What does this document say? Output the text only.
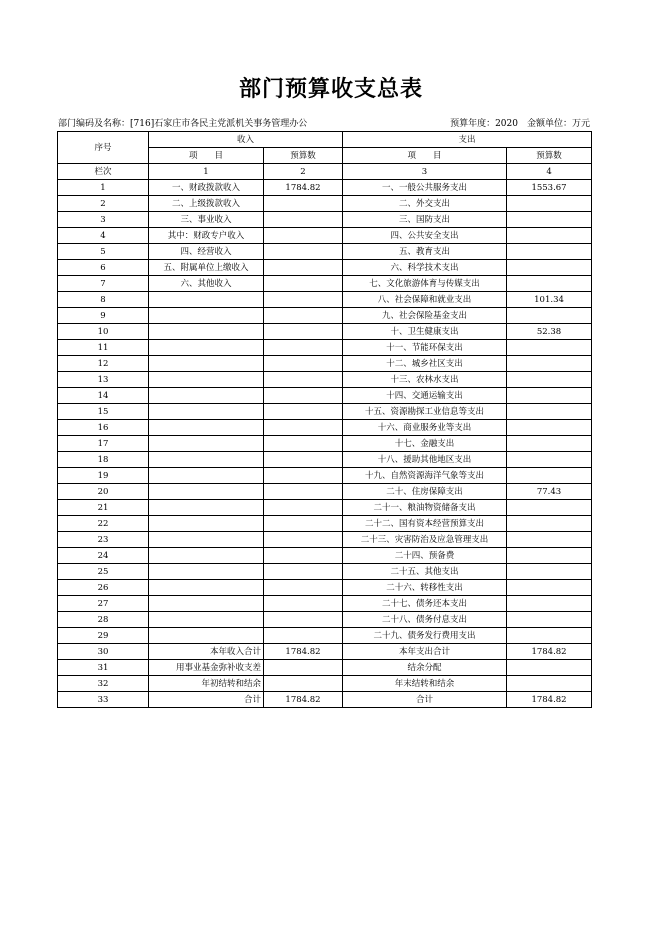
部门预算收支总表
部门编码及名称：[716]石家庄市各民主党派机关事务管理办公	预算年度：2020　 金额单位：万元
序号	收入		支出	
	项　　目	预算数	项　　目	预算数
栏次	1	2	3	4
1	一、财政拨款收入	1784.82	一、一般公共服务支出	1553.67
2	二、上级拨款收入		二、外交支出	
3	三、事业收入		三、国防支出	
4	其中：财政专户收入		四、公共安全支出	
5	四、经营收入		五、教育支出	
6	五、附属单位上缴收入		六、科学技术支出	
7	六、其他收入		七、文化旅游体育与传媒支出	
8			八、社会保障和就业支出	101.34
9			九、社会保险基金支出	
10			十、卫生健康支出	52.38
11			十一、节能环保支出	
12			十二、城乡社区支出	
13			十三、农林水支出	
14			十四、交通运输支出	
15			十五、资源勘探工业信息等支出	
16			十六、商业服务业等支出	
17			十七、金融支出	
18			十八、援助其他地区支出	
19			十九、自然资源海洋气象等支出	
20			二十、住房保障支出	77.43
21			二十一、粮油物资储备支出	
22			二十二、国有资本经营预算支出	
23			二十三、灾害防治及应急管理支出	
24			二十四、预备费	
25			二十五、其他支出	
26			二十六、转移性支出	
27			二十七、债务还本支出	
28			二十八、债务付息支出	
29			二十九、债务发行费用支出	
30	本年收入合计	1784.82	本年支出合计	1784.82
31	用事业基金弥补收支差		结余分配	
32	年初结转和结余		年末结转和结余	
33	合计	1784.82	合计	1784.82
